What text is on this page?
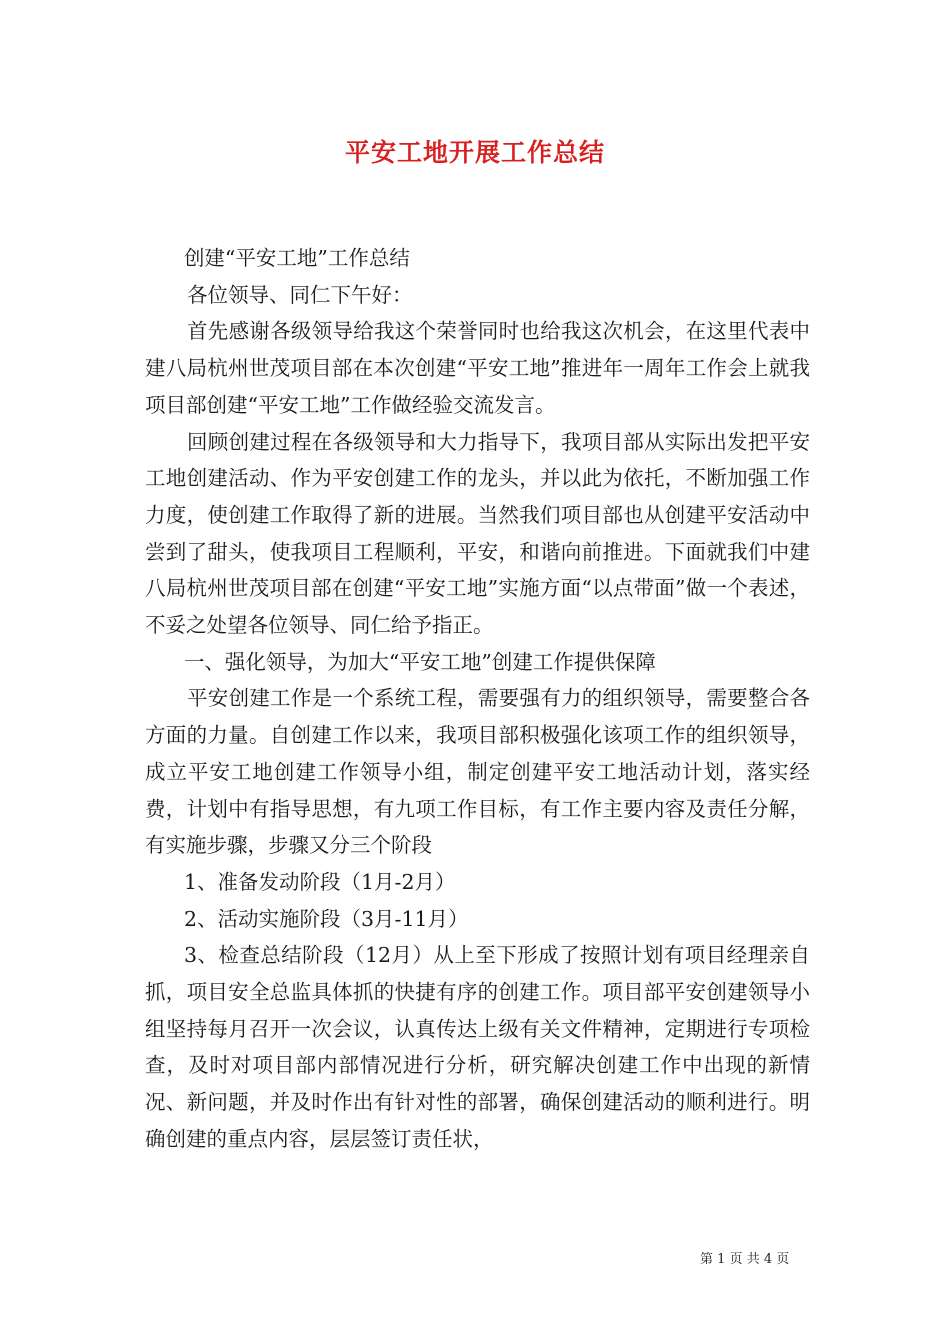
平安工地开展工作总结

创建“平安工地”工作总结

各位领导、同仁下午好：

首先感谢各级领导给我这个荣誉同时也给我这次机会，在这里代表中建八局杭州世茂项目部在本次创建“平安工地”推进年一周年工作会上就我项目部创建“平安工地”工作做经验交流发言。

回顾创建过程在各级领导和大力指导下，我项目部从实际出发把平安工地创建活动、作为平安创建工作的龙头，并以此为依托，不断加强工作力度，使创建工作取得了新的进展。当然我们项目部也从创建平安活动中尝到了甜头，使我项目工程顺利，平安，和谐向前推进。下面就我们中建八局杭州世茂项目部在创建“平安工地”实施方面“以点带面”做一个表述，不妥之处望各位领导、同仁给予指正。

一、强化领导，为加大“平安工地”创建工作提供保障

平安创建工作是一个系统工程，需要强有力的组织领导，需要整合各方面的力量。自创建工作以来，我项目部积极强化该项工作的组织领导，成立平安工地创建工作领导小组，制定创建平安工地活动计划，落实经费，计划中有指导思想，有九项工作目标，有工作主要内容及责任分解，有实施步骤，步骤又分三个阶段

1、准备发动阶段（1月-2月）

2、活动实施阶段（3月-11月）

3、检查总结阶段（12月）从上至下形成了按照计划有项目经理亲自抓，项目安全总监具体抓的快捷有序的创建工作。项目部平安创建领导小组坚持每月召开一次会议，认真传达上级有关文件精神，定期进行专项检查，及时对项目部内部情况进行分析，研究解决创建工作中出现的新情况、新问题，并及时作出有针对性的部署，确保创建活动的顺利进行。明确创建的重点内容，层层签订责任状，

第 1 页 共 4 页
